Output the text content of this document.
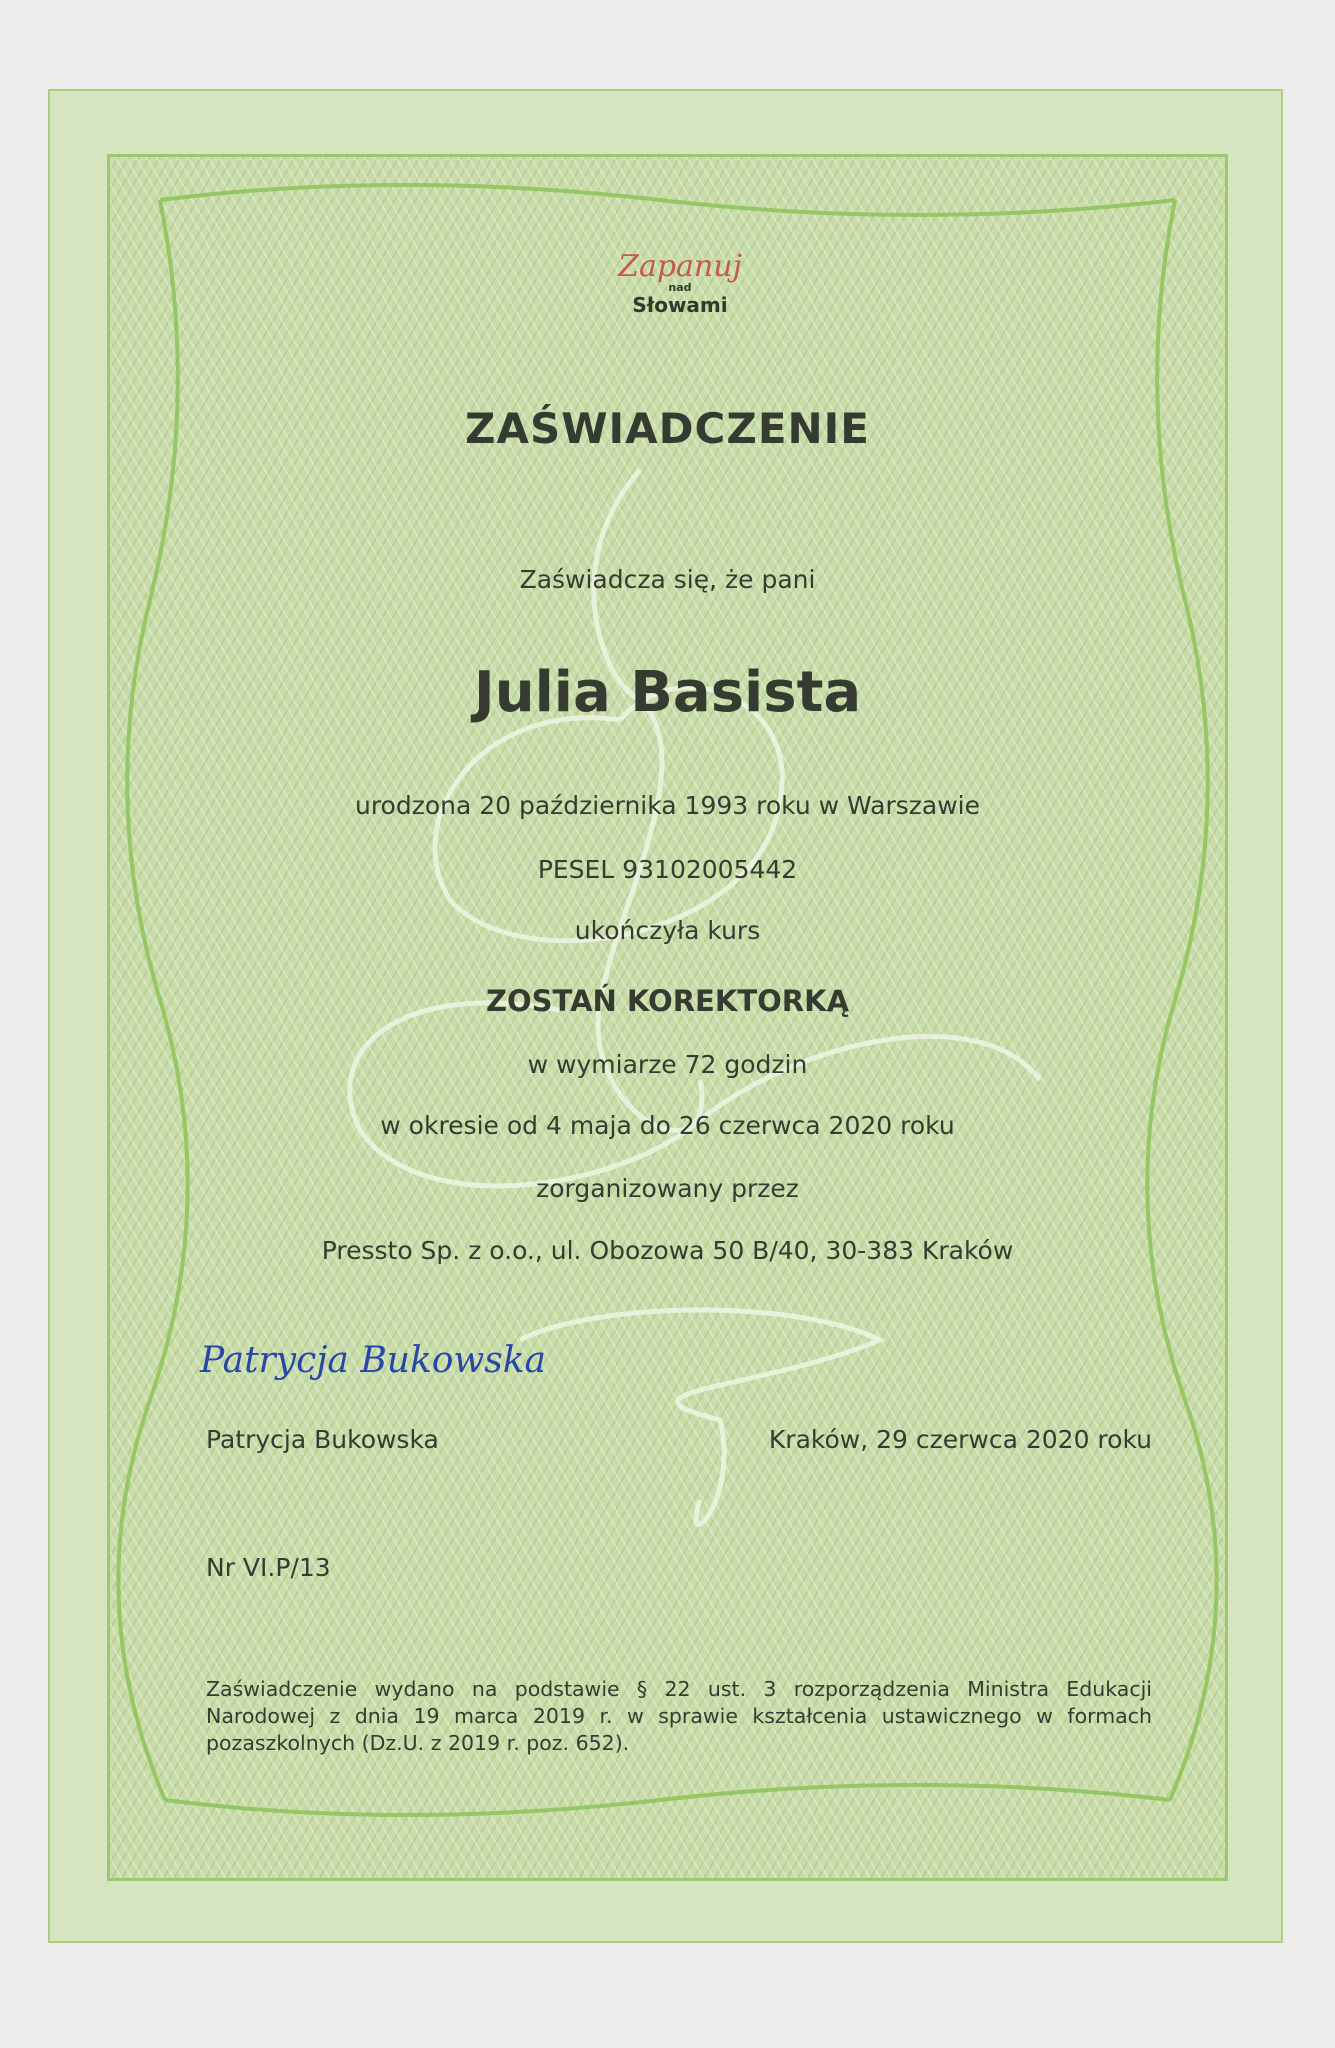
Zapanuj
nad
Słowami
ZAŚWIADCZENIE
Zaświadcza się, że pani
Julia Basista
urodzona 20 października 1993 roku w Warszawie
PESEL 93102005442
ukończyła kurs
ZOSTAŃ KOREKTORKĄ
w wymiarze 72 godzin
w okresie od 4 maja do 26 czerwca 2020 roku
zorganizowany przez
Pressto Sp. z o.o., ul. Obozowa 50 B/40, 30-383 Kraków
Patrycja Bukowska
Patrycja Bukowska	Kraków, 29 czerwca 2020 roku
Nr VI.P/13
Zaświadczenie wydano na podstawie § 22 ust. 3 rozporządzenia Ministra Edukacji Narodowej z dnia 19 marca 2019 r. w sprawie kształcenia ustawicznego w formach pozaszkolnych (Dz.U. z 2019 r. poz. 652).
